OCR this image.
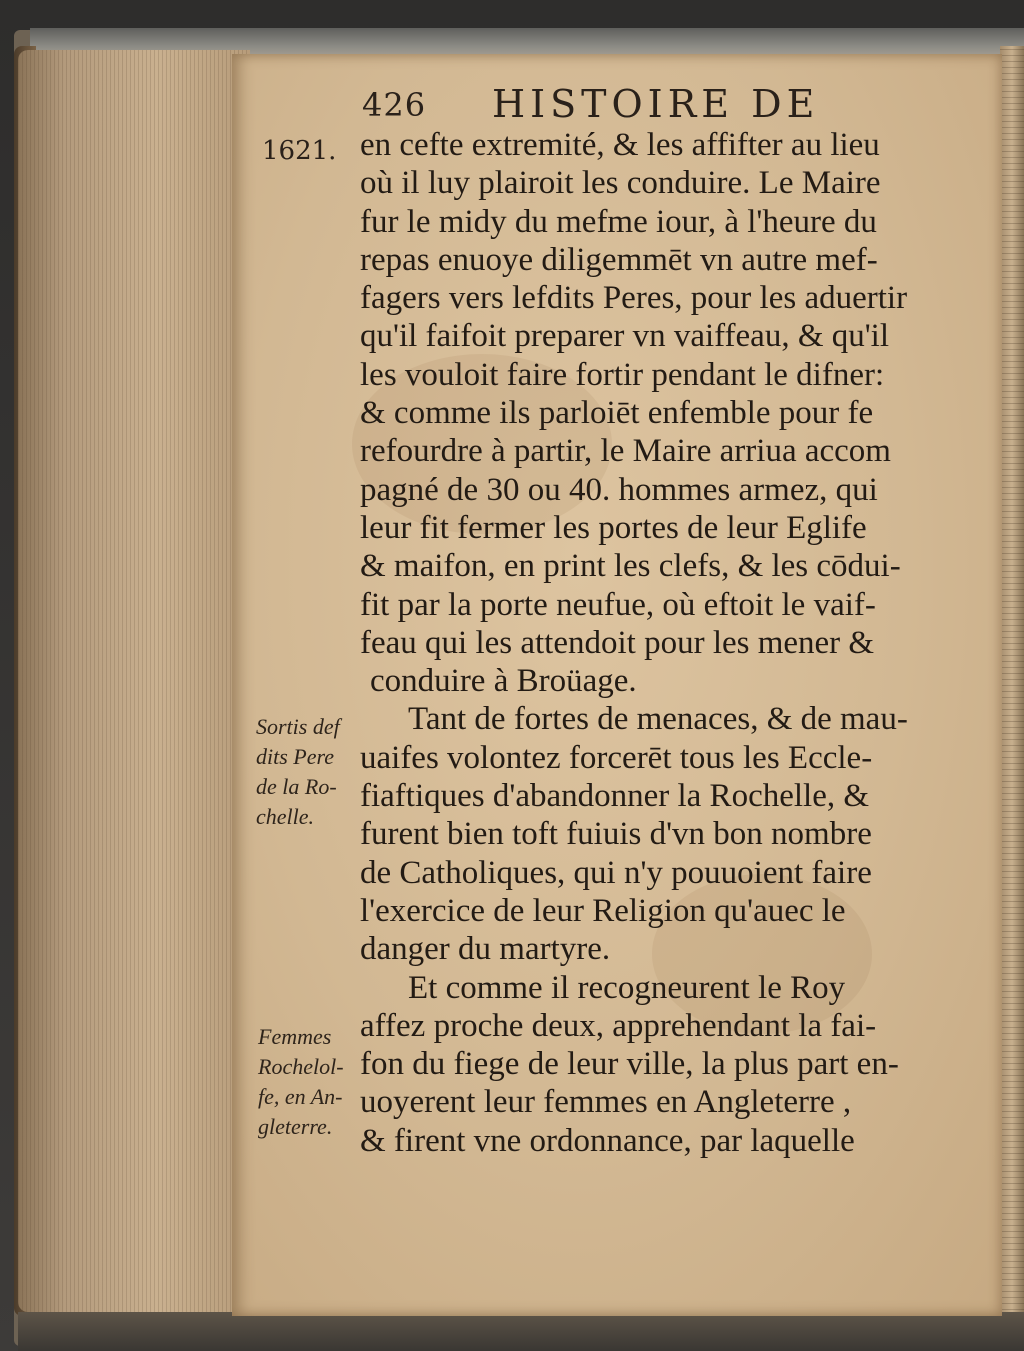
426 HISTOIRE DE
1621. en cefte extremité, & les affifter au lieu
où il luy plairoit les conduire. Le Maire
fur le midy du mefme iour, à l'heure du
repas enuoye diligemmēt vn autre mef-
fagers vers lefdits Peres, pour les aduertir
qu'il faifoit preparer vn vaiffeau, & qu'il
les vouloit faire fortir pendant le difner:
& comme ils parloiēt enfemble pour fe
refourdre à partir, le Maire arriua accom
pagné de 30 ou 40. hommes armez, qui
leur fit fermer les portes de leur Eglife
& maifon, en print les clefs, & les cōdui-
fit par la porte neufue, où eftoit le vaif-
feau qui les attendoit pour les mener &
conduire à Broüage.
Tant de fortes de menaces, & de mau-
uaifes volontez forcerēt tous les Eccle-
fiaftiques d'abandonner la Rochelle, &
furent bien toft fuiuis d'vn bon nombre
de Catholiques, qui n'y pouuoient faire
l'exercice de leur Religion qu'auec le
danger du martyre.
Et comme il recogneurent le Roy
affez proche deux, apprehendant la fai-
fon du fiege de leur ville, la plus part en-
uoyerent leur femmes en Angleterre ,
& firent vne ordonnance, par laquelle
Sortis def
dits Pere
de la Ro-
chelle.
Femmes
Rochelol-
fe, en An-
gleterre.
